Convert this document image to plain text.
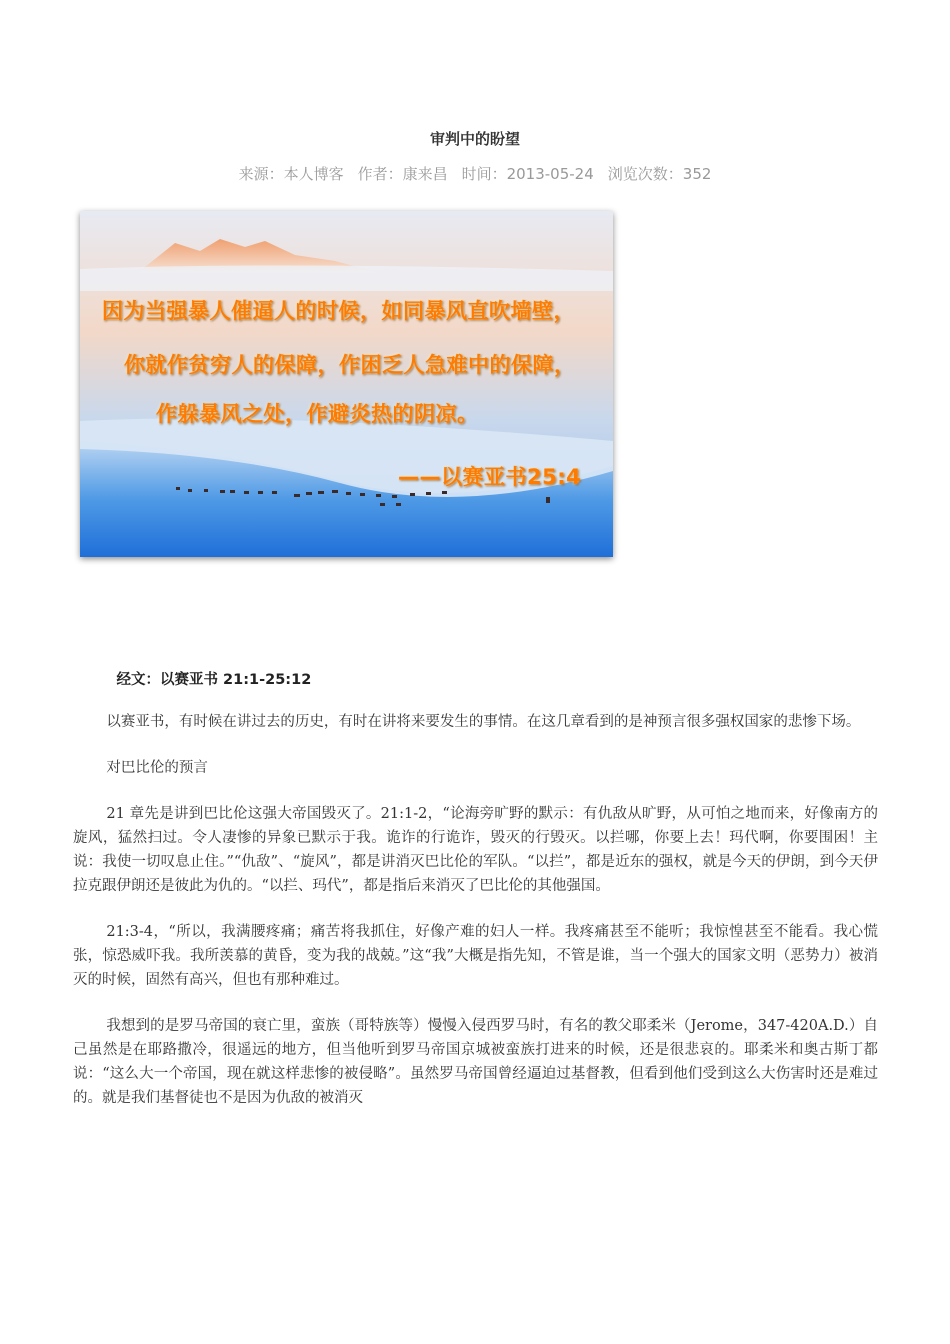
审判中的盼望
来源：本人博客 作者：康来昌 时间：2013-05-24 浏览次数：352
因为当强暴人催逼人的时候，如同暴风直吹墙壁，
你就作贫穷人的保障，作困乏人急难中的保障，
作躲暴风之处，作避炎热的阴凉。
——以赛亚书25:4

经文：以赛亚书 21:1-25:12

以赛亚书，有时候在讲过去的历史，有时在讲将来要发生的事情。在这几章看到的是神预言很多强权国家的悲惨下场。

对巴比伦的预言

21 章先是讲到巴比伦这强大帝国毁灭了。21:1-2，“论海旁旷野的默示：有仇敌从旷野，从可怕之地而来，好像南方的旋风，猛然扫过。令人凄惨的异象已默示于我。诡诈的行诡诈，毁灭的行毁灭。以拦哪，你要上去！玛代啊，你要围困！主说：我使一切叹息止住。”“仇敌”、“旋风”，都是讲消灭巴比伦的军队。“以拦”，都是近东的强权，就是今天的伊朗，到今天伊拉克跟伊朗还是彼此为仇的。“以拦、玛代”，都是指后来消灭了巴比伦的其他强国。

21:3-4，“所以，我满腰疼痛；痛苦将我抓住，好像产难的妇人一样。我疼痛甚至不能听；我惊惶甚至不能看。我心慌张，惊恐威吓我。我所羡慕的黄昏，变为我的战兢。”这“我”大概是指先知，不管是谁，当一个强大的国家文明（恶势力）被消灭的时候，固然有高兴，但也有那种难过。

我想到的是罗马帝国的衰亡里，蛮族（哥特族等）慢慢入侵西罗马时，有名的教父耶柔米（Jerome，347-420A.D.）自己虽然是在耶路撒冷，很遥远的地方，但当他听到罗马帝国京城被蛮族打进来的时候，还是很悲哀的。耶柔米和奥古斯丁都说：“这么大一个帝国，现在就这样悲惨的被侵略”。虽然罗马帝国曾经逼迫过基督教，但看到他们受到这么大伤害时还是难过的。就是我们基督徒也不是因为仇敌的被消灭
